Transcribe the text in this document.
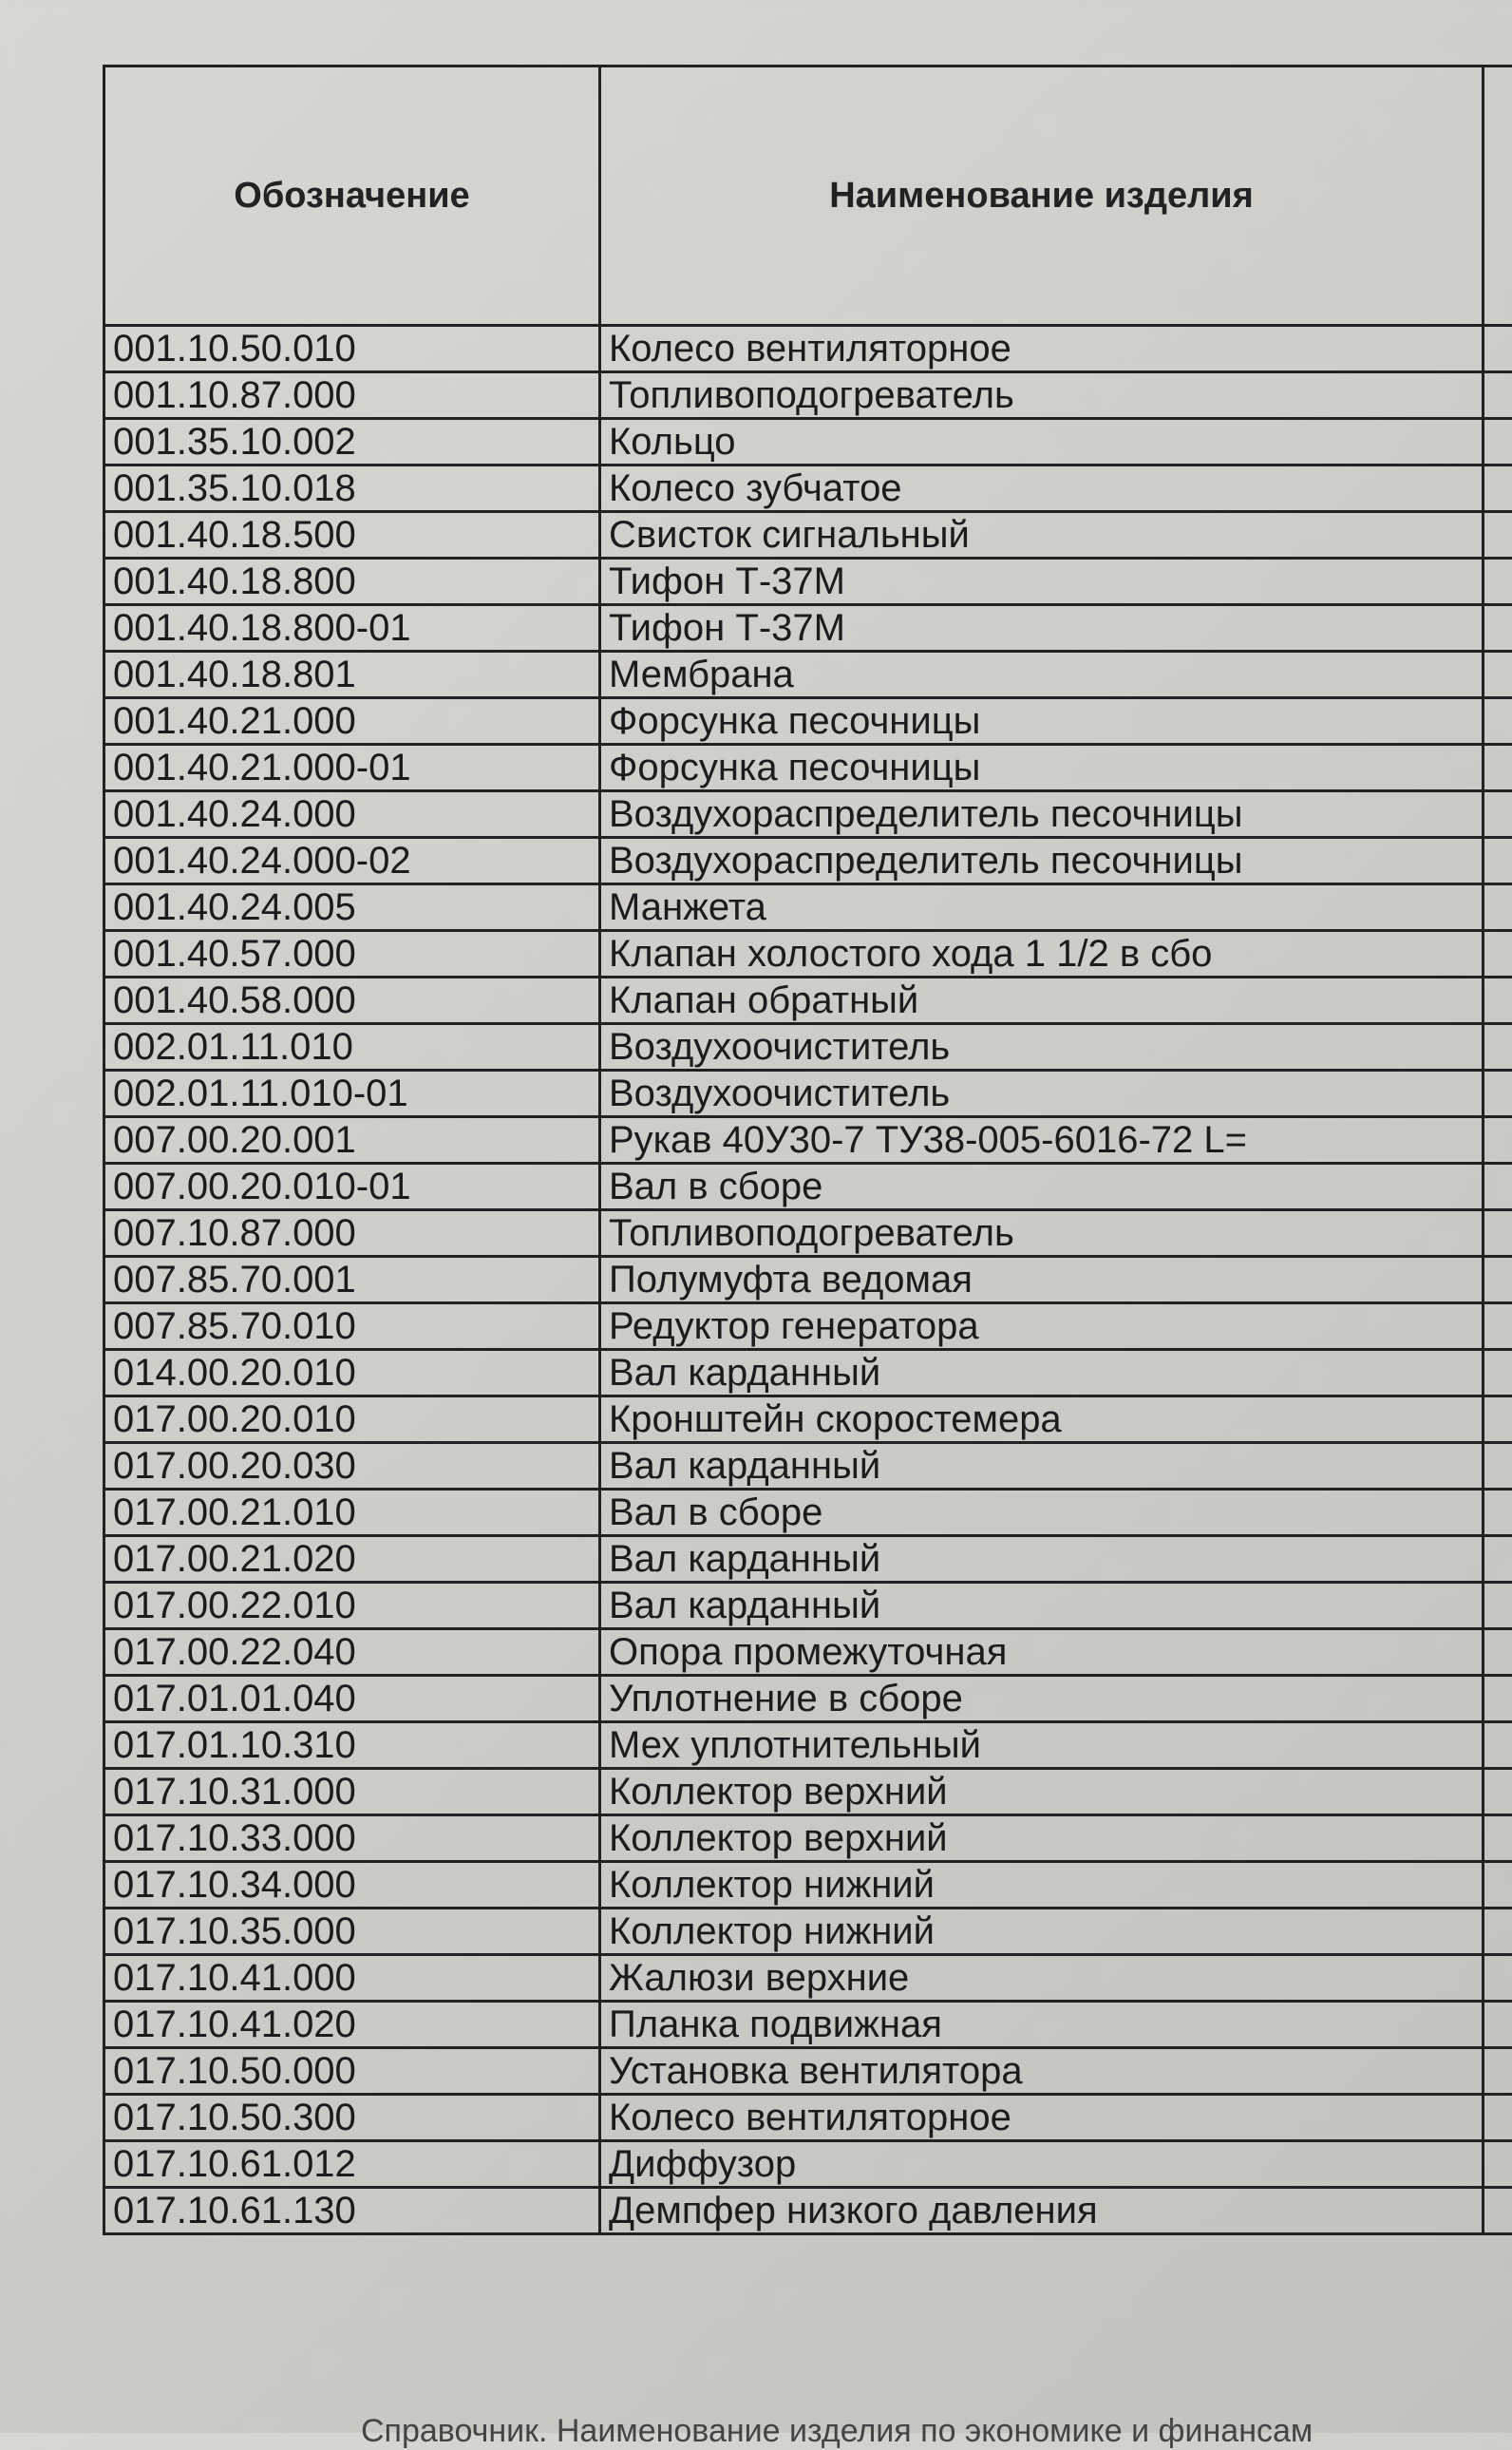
Обозначение	Наименование изделия	
001.10.50.010	Колесо вентиляторное	
001.10.87.000	Топливоподогреватель	
001.35.10.002	Кольцо	
001.35.10.018	Колесо зубчатое	
001.40.18.500	Свисток сигнальный	
001.40.18.800	Тифон Т-37М	
001.40.18.800-01	Тифон Т-37М	
001.40.18.801	Мембрана	
001.40.21.000	Форсунка песочницы	
001.40.21.000-01	Форсунка песочницы	
001.40.24.000	Воздухораспределитель песочницы	
001.40.24.000-02	Воздухораспределитель песочницы	
001.40.24.005	Манжета	
001.40.57.000	Клапан холостого хода 1 1/2 в сбо	
001.40.58.000	Клапан обратный	
002.01.11.010	Воздухоочиститель	
002.01.11.010-01	Воздухоочиститель	
007.00.20.001	Рукав 40У30-7 ТУ38-005-6016-72 L=	
007.00.20.010-01	Вал в сборе	
007.10.87.000	Топливоподогреватель	
007.85.70.001	Полумуфта ведомая	
007.85.70.010	Редуктор генератора	
014.00.20.010	Вал карданный	
017.00.20.010	Кронштейн скоростемера	
017.00.20.030	Вал карданный	
017.00.21.010	Вал в сборе	
017.00.21.020	Вал карданный	
017.00.22.010	Вал карданный	
017.00.22.040	Опора промежуточная	
017.01.01.040	Уплотнение в сборе	
017.01.10.310	Мех уплотнительный	
017.10.31.000	Коллектор верхний	
017.10.33.000	Коллектор верхний	
017.10.34.000	Коллектор нижний	
017.10.35.000	Коллектор нижний	
017.10.41.000	Жалюзи верхние	
017.10.41.020	Планка подвижная	
017.10.50.000	Установка вентилятора	
017.10.50.300	Колесо вентиляторное	
017.10.61.012	Диффузор	
017.10.61.130	Демпфер низкого давления	
Справочник. Наименование изделия по экономике и финансам
